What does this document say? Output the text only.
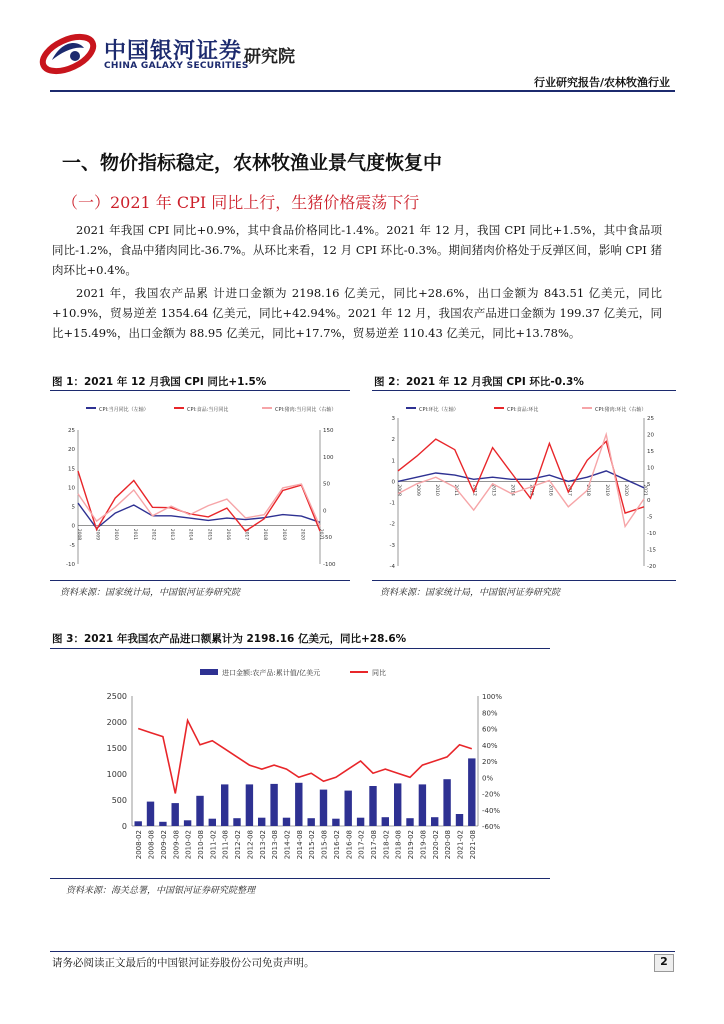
中国银河证券
CHINA GALAXY SECURITIES
研究院
行业研究报告/农林牧渔行业
一、物价指标稳定，农林牧渔业景气度恢复中
（一）2021 年 CPI 同比上行，生猪价格震荡下行
2021 年我国 CPI 同比+0.9%，其中食品价格同比-1.4%。2021 年 12 月，我国 CPI 同比+1.5%，其中食品项同比-1.2%，食品中猪肉同比-36.7%。从环比来看，12 月 CPI 环比-0.3%。期间猪肉价格处于反弹区间，影响 CPI 猪肉环比+0.4%。
2021 年，我国农产品累 计进口金额为 2198.16 亿美元，同比+28.6%，出口金额为 843.51 亿美元，同比+10.9%，贸易逆差 1354.64 亿美元，同比+42.94%。2021 年 12 月，我国农产品进口金额为 199.37 亿美元，同比+15.49%，出口金额为 88.95 亿美元，同比+17.7%，贸易逆差 110.43 亿美元，同比+13.78%。
图 1：2021 年 12 月我国 CPI 同比+1.5%
CPI:当月同比（左轴）	CPI:食品:当月同比	CPI:猪肉:当月同比（右轴）
25
20
15
10
5
0
-5
-10
150
100
50
0
-50
-100
2008	2009	2010	2011	2012	2013	2014	2015	2016	2017	2018	2019	2020	2021
资料来源：国家统计局，中国银河证券研究院
图 2：2021 年 12 月我国 CPI 环比-0.3%
CPI:环比（左轴）	CPI:食品:环比	CPI:猪肉:环比（右轴）
3
2
1
0
-1
-2
-3
-4
25
20
15
10
5
0
-5
-10
-15
-20
2008	2009	2010	2011	2012	2013	2014	2015	2016	2017	2018	2019	2020	2021
资料来源：国家统计局，中国银河证券研究院
图 3：2021 年我国农产品进口额累计为 2198.16 亿美元，同比+28.6%
进口金额:农产品:累计值/亿美元	同比
2500
2000
1500
1000
500
0
100%
80%
60%
40%
20%
0%
-20%
-40%
-60%
2008-02 2008-08 2009-02 2009-08 2010-02 2010-08 2011-02 2011-08 2012-02 2012-08 2013-02 2013-08 2014-02 2014-08 2015-02 2015-08 2016-02 2016-08 2017-02 2017-08 2018-02 2018-08 2019-02 2019-08 2020-02 2020-08 2021-02 2021-08
资料来源：海关总署，中国银河证券研究院整理
请务必阅读正文最后的中国银河证券股份公司免责声明。	2
